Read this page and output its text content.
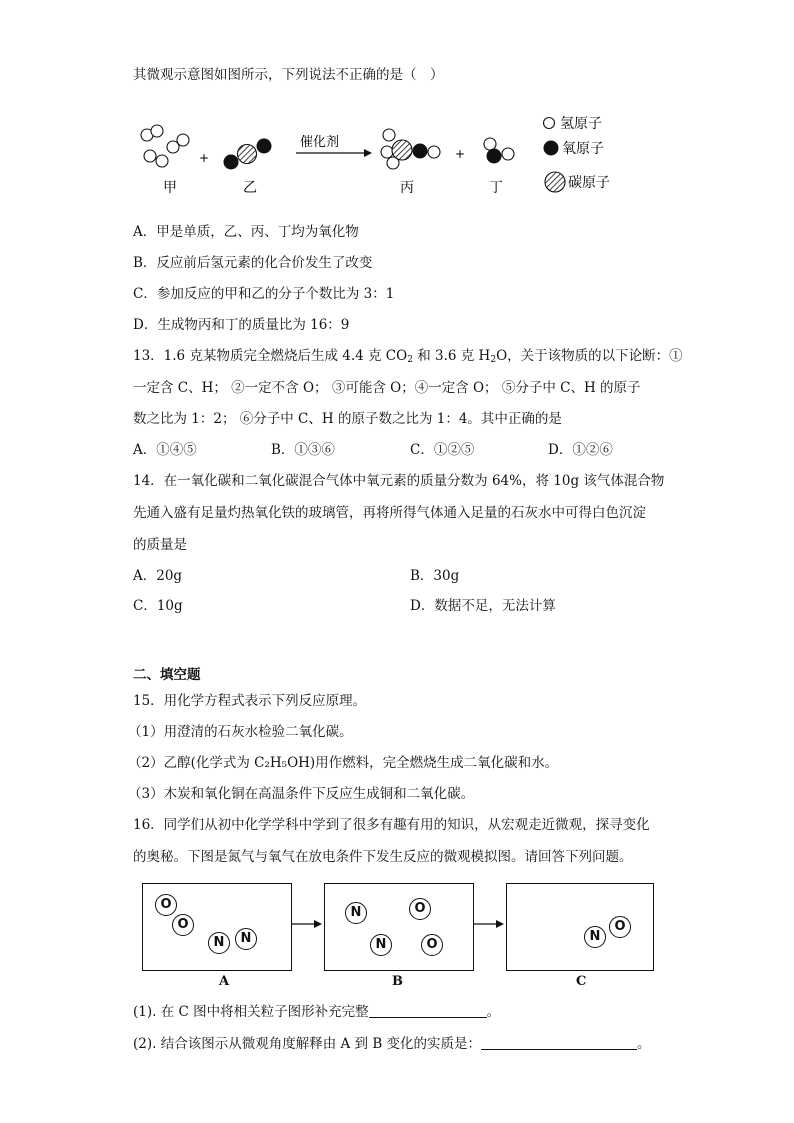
其微观示意图如图所示，下列说法不正确的是（　）
+
催化剂
+
甲	乙	丙	丁
氢原子
氧原子
碳原子
A．甲是单质，乙、丙、丁均为氧化物
B．反应前后氢元素的化合价发生了改变
C．参加反应的甲和乙的分子个数比为 3：1
D．生成物丙和丁的质量比为 16：9
13．1.6 克某物质完全燃烧后生成 4.4 克 $CO_2$ 和 3.6 克 $H_2O$，关于该物质的以下论断：①
一定含 C、H； ②一定不含 O； ③可能含 O；④一定含 O； ⑤分子中 C、H 的原子
数之比为 1：2； ⑥分子中 C、H 的原子数之比为 1：4。其中正确的是
A．①④⑤	B．①③⑥	C．①②⑤	D．①②⑥
14．在一氧化碳和二氧化碳混合气体中氧元素的质量分数为 64%，将 10g 该气体混合物
先通入盛有足量灼热氧化铁的玻璃管，再将所得气体通入足量的石灰水中可得白色沉淀
的质量是
A．20g	B．30g
C．10g	D．数据不足，无法计算
二、填空题
15．用化学方程式表示下列反应原理。
（1）用澄清的石灰水检验二氧化碳。
（2）乙醇(化学式为 C₂H₅OH)用作燃料，完全燃烧生成二氧化碳和水。
（3）木炭和氧化铜在高温条件下反应生成铜和二氧化碳。
16．同学们从初中化学学科中学到了很多有趣有用的知识，从宏观走近微观，探寻变化
的奥秘。下图是氮气与氧气在放电条件下发生反应的微观模拟图。请回答下列问题。
O
O
N	N
N	O
N	O
N
O
A	B	C
(1). 在 C 图中将相关粒子图形补充完整	。
(2). 结合该图示从微观角度解释由 A 到 B 变化的实质是：	。
